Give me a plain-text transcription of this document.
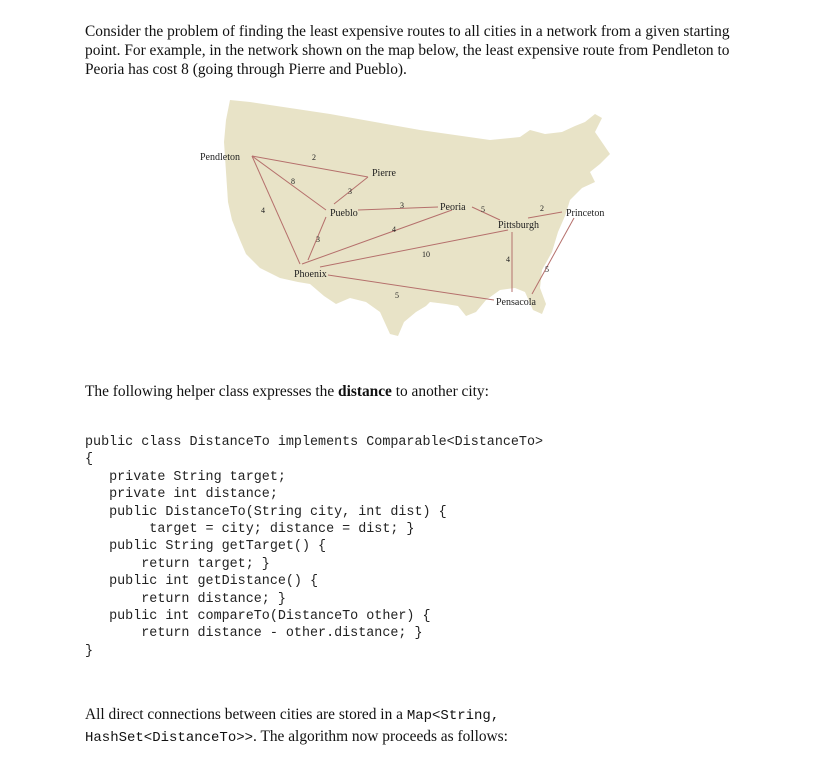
Consider the problem of finding the least expensive routes to all cities in a network from a given starting point. For example, in the network shown on the map below, the least expensive route from Pendleton to Peoria has cost 8 (going through Pierre and Pueblo).

Pendleton
Pierre
Pueblo
Peoria
Pittsburgh
Princeton
Phoenix
Pensacola
2
8
3
4
3
3
4
5
10
2
4
5
5

The following helper class expresses the distance to another city:

public class DistanceTo implements Comparable<DistanceTo>
{
private String target;
private int distance;
public DistanceTo(String city, int dist) {
target = city; distance = dist; }
public String getTarget() {
return target; }
public int getDistance() {
return distance; }
public int compareTo(DistanceTo other) {
return distance - other.distance; }
}

All direct connections between cities are stored in a Map<String,
HashSet<DistanceTo>>. The algorithm now proceeds as follows:
